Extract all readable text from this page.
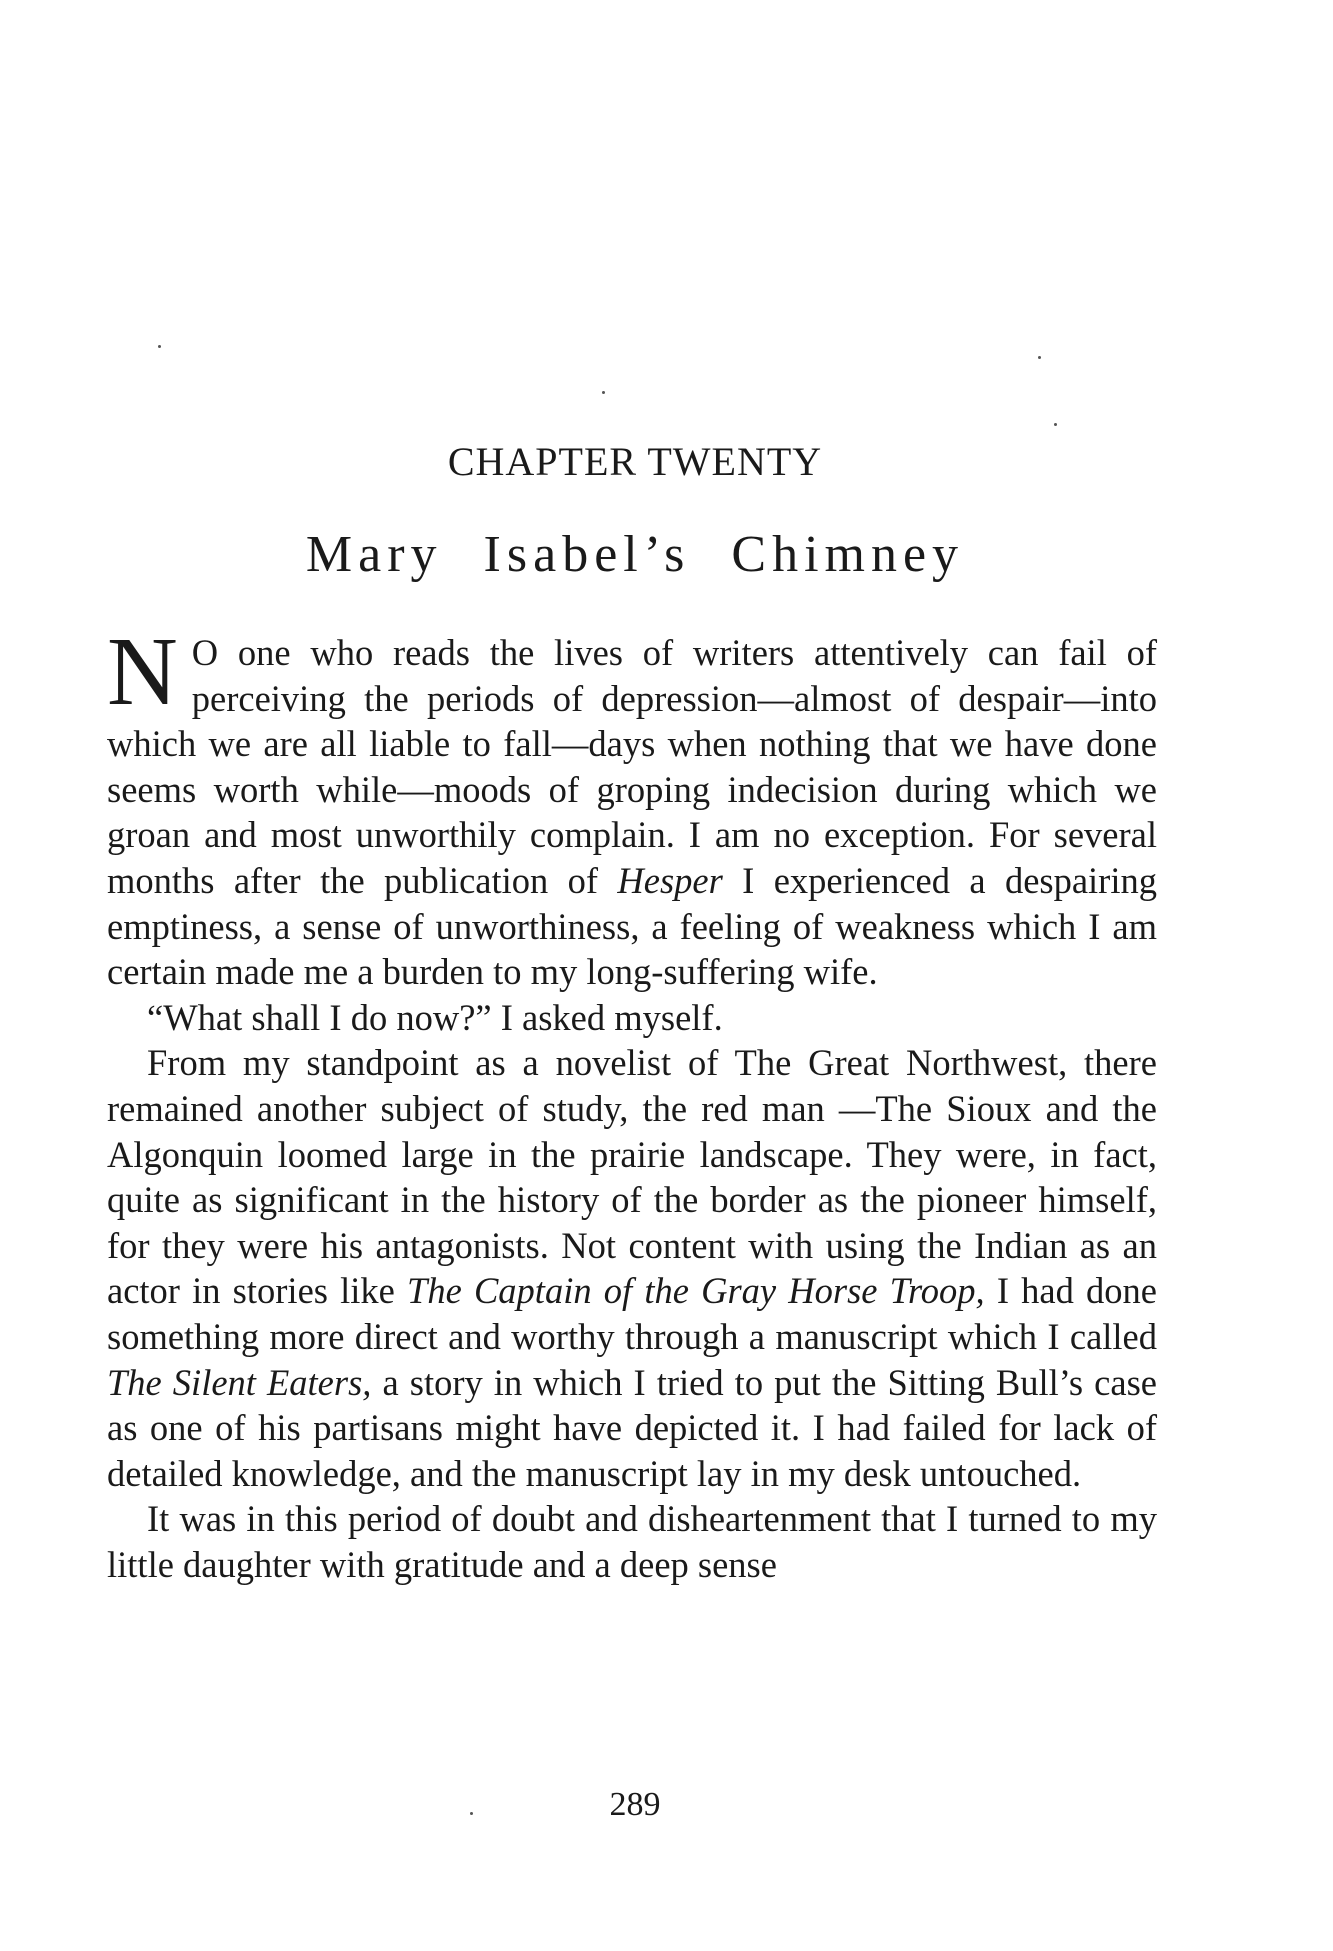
CHAPTER TWENTY
Mary Isabel’s Chimney

N O one who reads the lives of writers attentively can fail of perceiving the periods of depression—almost of despair—into which we are all liable to fall—days when nothing that we have done seems worth while—moods of groping indecision during which we groan and most unworthily complain. I am no exception. For several months after the publication of Hesper I experienced a despairing emptiness, a sense of unworthiness, a feeling of weakness which I am certain made me a burden to my long-suffering wife.

“What shall I do now?” I asked myself.

From my standpoint as a novelist of The Great Northwest, there remained another subject of study, the red man —The Sioux and the Algonquin loomed large in the prairie landscape. They were, in fact, quite as significant in the history of the border as the pioneer himself, for they were his antagonists. Not content with using the Indian as an actor in stories like The Captain of the Gray Horse Troop, I had done something more direct and worthy through a manuscript which I called The Silent Eaters, a story in which I tried to put the Sitting Bull’s case as one of his partisans might have depicted it. I had failed for lack of detailed knowledge, and the manuscript lay in my desk untouched.

It was in this period of doubt and disheartenment that I turned to my little daughter with gratitude and a deep sense

289
